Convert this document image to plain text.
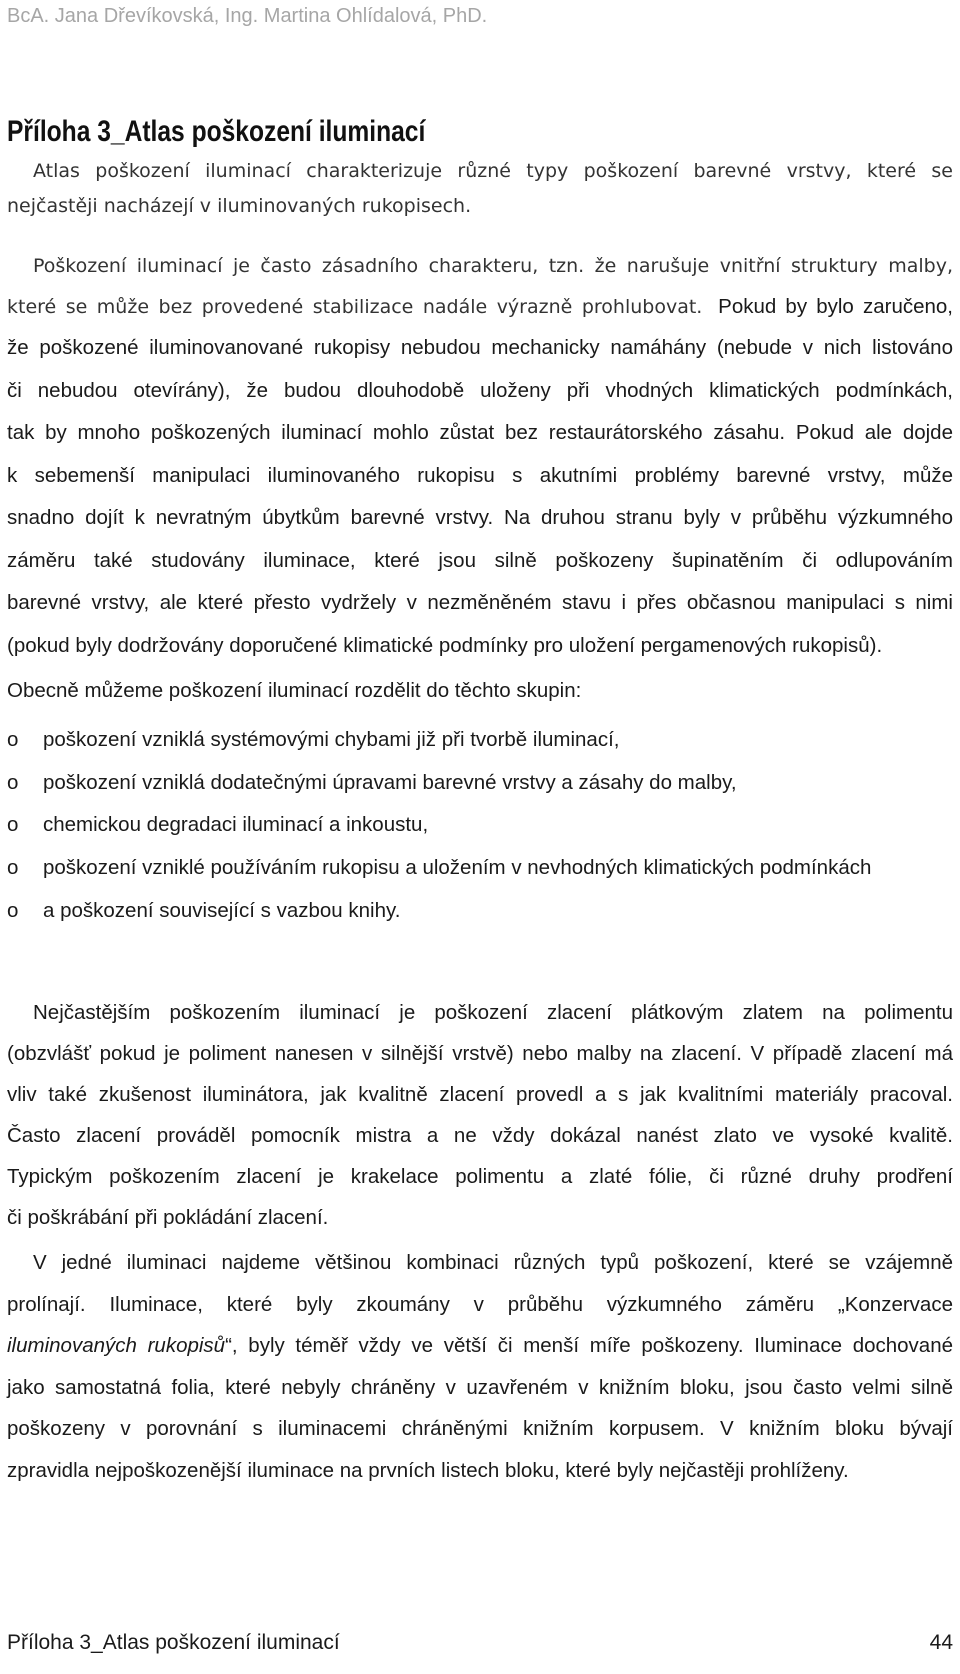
BcA. Jana Dřevíkovská, Ing. Martina Ohlídalová, PhD.
Příloha 3_Atlas poškození iluminací
Atlas poškození iluminací charakterizuje různé typy poškození barevné vrstvy, které se
nejčastěji nacházejí v iluminovaných rukopisech.
Poškození iluminací je často zásadního charakteru, tzn. že narušuje vnitřní struktury malby,
které se může bez provedené stabilizace nadále výrazně prohlubovat. Pokud by bylo zaručeno,
že poškozené iluminovanované rukopisy nebudou mechanicky namáhány (nebude v nich listováno
či nebudou otevírány), že budou dlouhodobě uloženy při vhodných klimatických podmínkách,
tak by mnoho poškozených iluminací mohlo zůstat bez restaurátorského zásahu. Pokud ale dojde
k sebemenší manipulaci iluminovaného rukopisu s akutními problémy barevné vrstvy, může
snadno dojít k nevratným úbytkům barevné vrstvy. Na druhou stranu byly v průběhu výzkumného
záměru také studovány iluminace, které jsou silně poškozeny šupinatěním či odlupováním
barevné vrstvy, ale které přesto vydržely v nezměněném stavu i přes občasnou manipulaci s nimi
(pokud byly dodržovány doporučené klimatické podmínky pro uložení pergamenových rukopisů).
Obecně můžeme poškození iluminací rozdělit do těchto skupin:
o poškození vzniklá systémovými chybami již při tvorbě iluminací,
o poškození vzniklá dodatečnými úpravami barevné vrstvy a zásahy do malby,
o chemickou degradaci iluminací a inkoustu,
o poškození vzniklé používáním rukopisu a uložením v nevhodných klimatických podmínkách
o a poškození související s vazbou knihy.
Nejčastějším poškozením iluminací je poškození zlacení plátkovým zlatem na polimentu
(obzvlášť pokud je poliment nanesen v silnější vrstvě) nebo malby na zlacení. V případě zlacení má
vliv také zkušenost iluminátora, jak kvalitně zlacení provedl a s jak kvalitními materiály pracoval.
Často zlacení prováděl pomocník mistra a ne vždy dokázal nanést zlato ve vysoké kvalitě.
Typickým poškozením zlacení je krakelace polimentu a zlaté fólie, či různé druhy prodření
či poškrábání při pokládání zlacení.
V jedné iluminaci najdeme většinou kombinaci různých typů poškození, které se vzájemně
prolínají. Iluminace, které byly zkoumány v průběhu výzkumného záměru „Konzervace
iluminovaných rukopisů“, byly téměř vždy ve větší či menší míře poškozeny. Iluminace dochované
jako samostatná folia, které nebyly chráněny v uzavřeném v knižním bloku, jsou často velmi silně
poškozeny v porovnání s iluminacemi chráněnými knižním korpusem. V knižním bloku bývají
zpravidla nejpoškozenější iluminace na prvních listech bloku, které byly nejčastěji prohlíženy.
Příloha 3_Atlas poškození iluminací	44
